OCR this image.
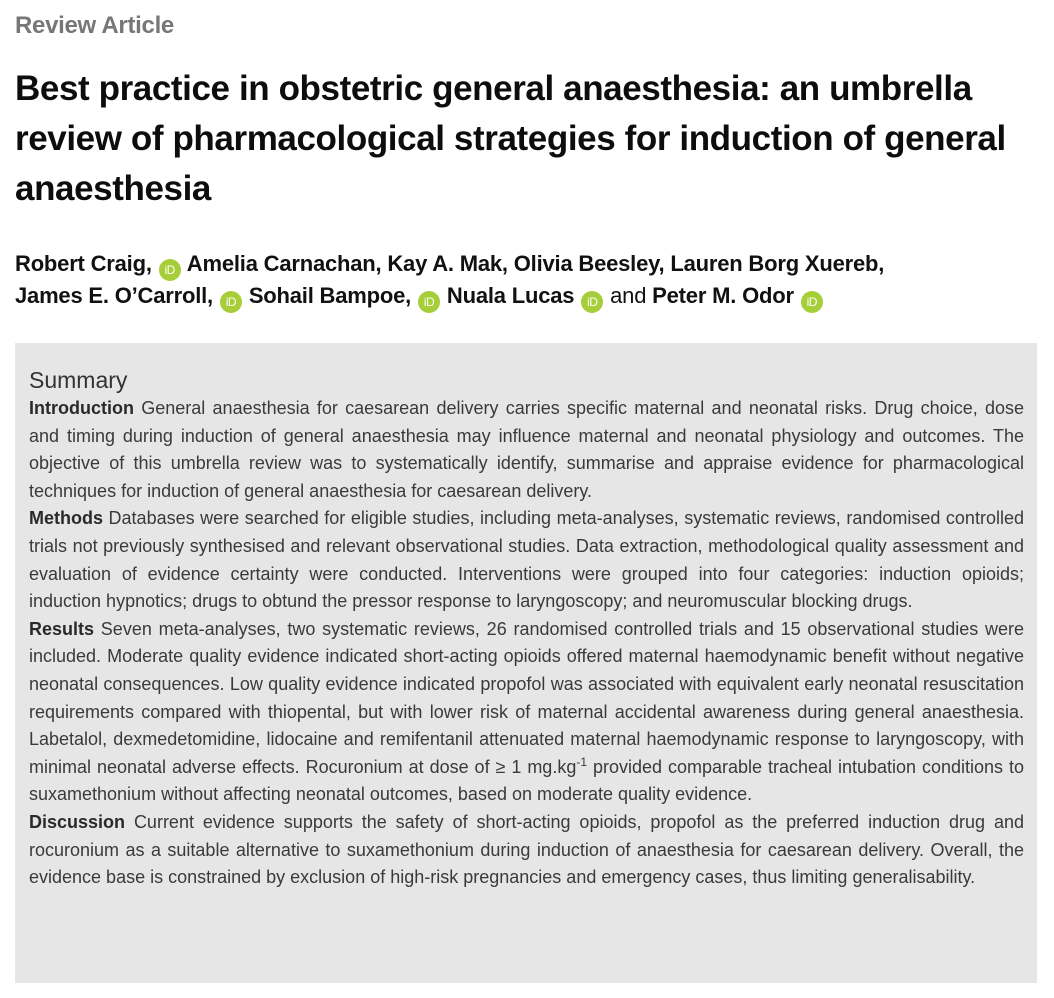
Review Article
Best practice in obstetric general anaesthesia: an umbrella review of pharmacological strategies for induction of general anaesthesia
Robert Craig, iD Amelia Carnachan, Kay A. Mak, Olivia Beesley, Lauren Borg Xuereb,
James E. O’Carroll, iD Sohail Bampoe, iD Nuala Lucas iD and Peter M. Odor iD
Summary

Introduction General anaesthesia for caesarean delivery carries specific maternal and neonatal risks. Drug choice, dose and timing during induction of general anaesthesia may influence maternal and neonatal physiology and outcomes. The objective of this umbrella review was to systematically identify, summarise and appraise evidence for pharmacological techniques for induction of general anaesthesia for caesarean delivery.

Methods Databases were searched for eligible studies, including meta-analyses, systematic reviews, randomised controlled trials not previously synthesised and relevant observational studies. Data extraction, methodological quality assessment and evaluation of evidence certainty were conducted. Interventions were grouped into four categories: induction opioids; induction hypnotics; drugs to obtund the pressor response to laryngoscopy; and neuromuscular blocking drugs.

Results Seven meta-analyses, two systematic reviews, 26 randomised controlled trials and 15 observational studies were included. Moderate quality evidence indicated short-acting opioids offered maternal haemodynamic benefit without negative neonatal consequences. Low quality evidence indicated propofol was associated with equivalent early neonatal resuscitation requirements compared with thiopental, but with lower risk of maternal accidental awareness during general anaesthesia. Labetalol, dexmedetomidine, lidocaine and remifentanil attenuated maternal haemodynamic response to laryngoscopy, with minimal neonatal adverse effects. Rocuronium at dose of ≥ 1 $mg.kg^{-1}$ provided comparable tracheal intubation conditions to suxamethonium without affecting neonatal outcomes, based on moderate quality evidence.

Discussion Current evidence supports the safety of short-acting opioids, propofol as the preferred induction drug and rocuronium as a suitable alternative to suxamethonium during induction of anaesthesia for caesarean delivery. Overall, the evidence base is constrained by exclusion of high-risk pregnancies and emergency cases, thus limiting generalisability.
